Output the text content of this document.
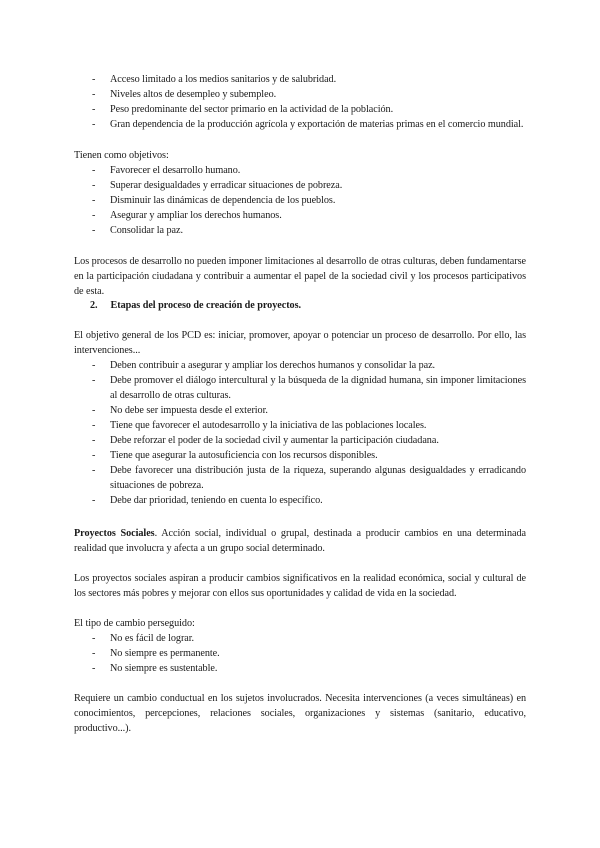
- Acceso limitado a los medios sanitarios y de salubridad.
- Niveles altos de desempleo y subempleo.
- Peso predominante del sector primario en la actividad de la población.
- Gran dependencia de la producción agrícola y exportación de materias primas en el comercio mundial.
Tienen como objetivos:
- Favorecer el desarrollo humano.
- Superar desigualdades y erradicar situaciones de pobreza.
- Disminuir las dinámicas de dependencia de los pueblos.
- Asegurar y ampliar los derechos humanos.
- Consolidar la paz.
Los procesos de desarrollo no pueden imponer limitaciones al desarrollo de otras culturas, deben fundamentarse en la participación ciudadana y contribuir a aumentar el papel de la sociedad civil y los procesos participativos de esta.
2. Etapas del proceso de creación de proyectos.
El objetivo general de los PCD es: iniciar, promover, apoyar o potenciar un proceso de desarrollo. Por ello, las intervenciones...
- Deben contribuir a asegurar y ampliar los derechos humanos y consolidar la paz.
- Debe promover el diálogo intercultural y la búsqueda de la dignidad humana, sin imponer limitaciones al desarrollo de otras culturas.
- No debe ser impuesta desde el exterior.
- Tiene que favorecer el autodesarrollo y la iniciativa de las poblaciones locales.
- Debe reforzar el poder de la sociedad civil y aumentar la participación ciudadana.
- Tiene que asegurar la autosuficiencia con los recursos disponibles.
- Debe favorecer una distribución justa de la riqueza, superando algunas desigualdades y erradicando situaciones de pobreza.
- Debe dar prioridad, teniendo en cuenta lo específico.
Proyectos Sociales. Acción social, individual o grupal, destinada a producir cambios en una determinada realidad que involucra y afecta a un grupo social determinado.
Los proyectos sociales aspiran a producir cambios significativos en la realidad económica, social y cultural de los sectores más pobres y mejorar con ellos sus oportunidades y calidad de vida en la sociedad.
El tipo de cambio perseguido:
- No es fácil de lograr.
- No siempre es permanente.
- No siempre es sustentable.
Requiere un cambio conductual en los sujetos involucrados. Necesita intervenciones (a veces simultáneas) en conocimientos, percepciones, relaciones sociales, organizaciones y sistemas (sanitario, educativo, productivo...).
